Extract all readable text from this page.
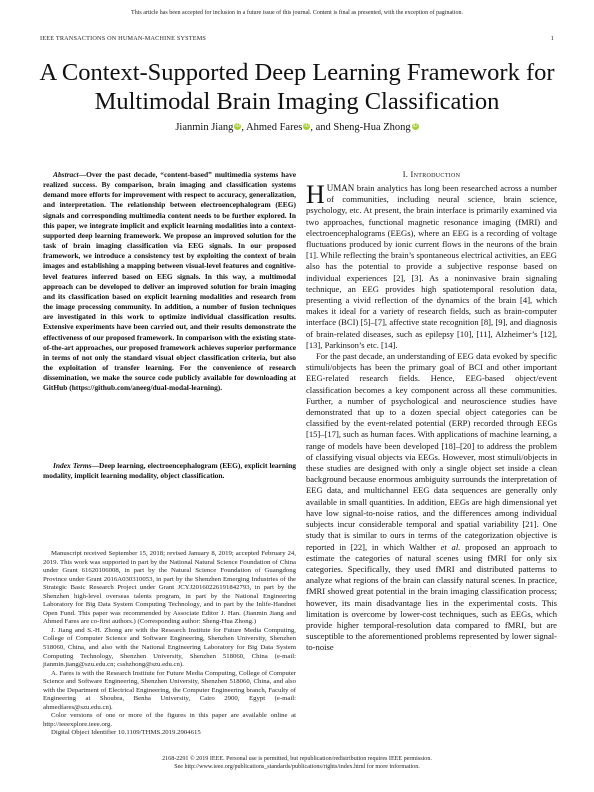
This article has been accepted for inclusion in a future issue of this journal. Content is final as presented, with the exception of pagination.
IEEE TRANSACTIONS ON HUMAN-MACHINE SYSTEMS	1
A Context-Supported Deep Learning Framework for Multimodal Brain Imaging Classification
Jianmin Jiang iD, Ahmed Fares iD, and Sheng-Hua Zhong iD
Abstract—Over the past decade, “content-based” multimedia systems have realized success. By comparison, brain imaging and classification systems demand more efforts for improvement with respect to accuracy, generalization, and interpretation. The relationship between electroencephalogram (EEG) signals and corresponding multimedia content needs to be further explored. In this paper, we integrate implicit and explicit learning modalities into a context-supported deep learning framework. We propose an improved solution for the task of brain imaging classification via EEG signals. In our proposed framework, we introduce a consistency test by exploiting the context of brain images and establishing a mapping between visual-level features and cognitive-level features inferred based on EEG signals. In this way, a multimodal approach can be developed to deliver an improved solution for brain imaging and its classification based on explicit learning modalities and research from the image processing community. In addition, a number of fusion techniques are investigated in this work to optimize individual classification results. Extensive experiments have been carried out, and their results demonstrate the effectiveness of our proposed framework. In comparison with the existing state-of-the-art approaches, our proposed framework achieves superior performance in terms of not only the standard visual object classification criteria, but also the exploitation of transfer learning. For the convenience of research dissemination, we make the source code publicly available for downloading at GitHub (https://github.com/aneeg/dual-modal-learning).
Index Terms—Deep learning, electroencephalogram (EEG), explicit learning modality, implicit learning modality, object classification.

Manuscript received September 15, 2018; revised January 8, 2019; accepted February 24, 2019. This work was supported in part by the National Natural Science Foundation of China under Grant 61620106008, in part by the Natural Science Foundation of Guangdong Province under Grant 2016A030310053, in part by the Shenzhen Emerging Industries of the Strategic Basic Research Project under Grant JCYJ20160226191842793, in part by the Shenzhen high-level overseas talents program, in part by the National Engineering Laboratory for Big Data System Computing Technology, and in part by the Inlife-Handnet Open Fund. This paper was recommended by Associate Editor J. Han. (Jianmin Jiang and Ahmed Fares are co-first authors.) (Corresponding author: Sheng-Hua Zhong.)

J. Jiang and S.-H. Zhong are with the Research Institute for Future Media Computing, College of Computer Science and Software Engineering, Shenzhen University, Shenzhen 518060, China, and also with the National Engineering Laboratory for Big Data System Computing Technology, Shenzhen University, Shenzhen 518060, China (e-mail: jianmin.jiang@szu.edu.cn; csshzhong@szu.edu.cn).

A. Fares is with the Research Institute for Future Media Computing, College of Computer Science and Software Engineering, Shenzhen University, Shenzhen 518060, China, and also with the Department of Electrical Engineering, the Computer Engineering branch, Faculty of Engineering at Shoubra, Benha University, Cairo 2900, Egypt (e-mail: ahmedfares@szu.edu.cn).

Color versions of one or more of the figures in this paper are available online at http://ieeexplore.ieee.org.

Digital Object Identifier 10.1109/THMS.2019.2904615

I. Introduction

HUMAN brain analytics has long been researched across a number of communities, including neural science, brain science, psychology, etc. At present, the brain interface is primarily examined via two approaches, functional magnetic resonance imaging (fMRI) and electroencephalograms (EEGs), where an EEG is a recording of voltage fluctuations produced by ionic current flows in the neurons of the brain [1]. While reflecting the brain’s spontaneous electrical activities, an EEG also has the potential to provide a subjective response based on individual experiences [2], [3]. As a noninvasive brain signaling technique, an EEG provides high spatiotemporal resolution data, presenting a vivid reflection of the dynamics of the brain [4], which makes it ideal for a variety of research fields, such as brain-computer interface (BCI) [5]–[7], affective state recognition [8], [9], and diagnosis of brain-related diseases, such as epilepsy [10], [11], Alzheimer’s [12], [13], Parkinson’s etc. [14].

For the past decade, an understanding of EEG data evoked by specific stimuli/objects has been the primary goal of BCI and other important EEG-related research fields. Hence, EEG-based object/event classification becomes a key component across all these communities. Further, a number of psychological and neuroscience studies have demonstrated that up to a dozen special object categories can be classified by the event-related potential (ERP) recorded through EEGs [15]–[17], such as human faces. With applications of machine learning, a range of models have been developed [18]–[20] to address the problem of classifying visual objects via EEGs. However, most stimuli/objects in these studies are designed with only a single object set inside a clean background because enormous ambiguity surrounds the interpretation of EEG data, and multichannel EEG data sequences are generally only available in small quantities. In addition, EEGs are high dimensional yet have low signal-to-noise ratios, and the differences among individual subjects incur considerable temporal and spatial variability [21]. One study that is similar to ours in terms of the categorization objective is reported in [22], in which Walther et al. proposed an approach to estimate the categories of natural scenes using fMRI for only six categories. Specifically, they used fMRI and distributed patterns to analyze what regions of the brain can classify natural scenes. In practice, fMRI showed great potential in the brain imaging classification process; however, its main disadvantage lies in the experimental costs. This limitation is overcome by lower-cost techniques, such as EEGs, which provide higher temporal-resolution data compared to fMRI, but are susceptible to the aforementioned problems represented by lower signal-to-noise

2168-2291 © 2019 IEEE. Personal use is permitted, but republication/redistribution requires IEEE permission.
See http://www.ieee.org/publications_standards/publications/rights/index.html for more information.
